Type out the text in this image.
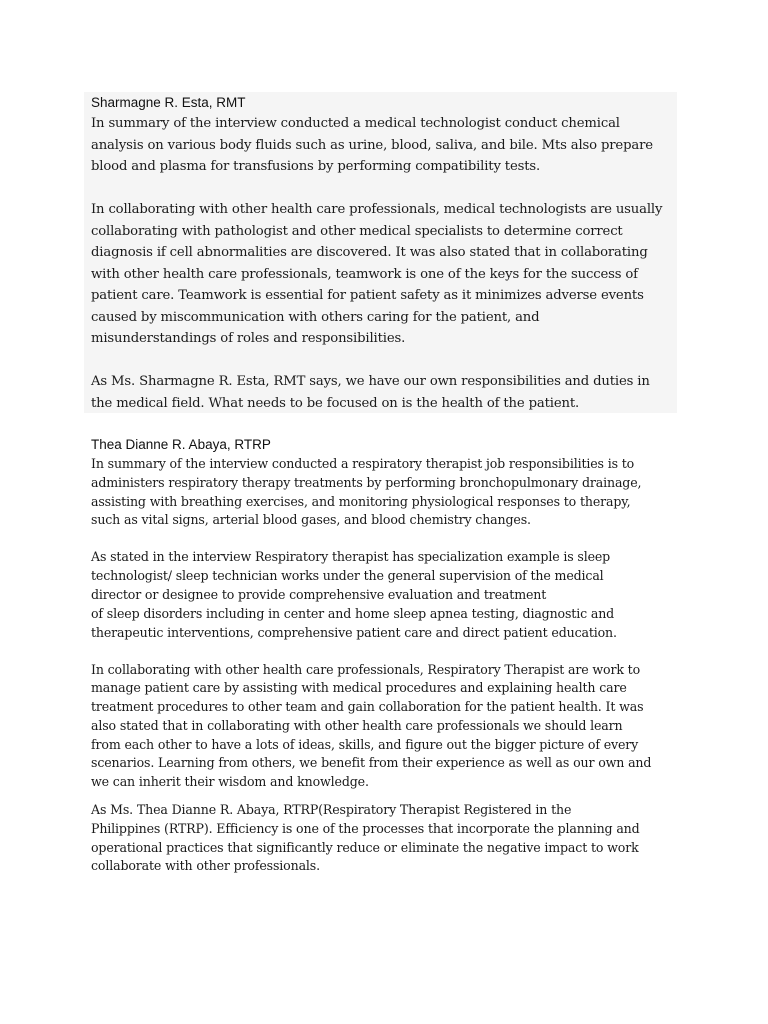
Sharmagne R. Esta, RMT
In summary of the interview conducted a medical technologist conduct chemical
analysis on various body fluids such as urine, blood, saliva, and bile. Mts also prepare
blood and plasma for transfusions by performing compatibility tests.
In collaborating with other health care professionals, medical technologists are usually
collaborating with pathologist and other medical specialists to determine correct
diagnosis if cell abnormalities are discovered. It was also stated that in collaborating
with other health care professionals, teamwork is one of the keys for the success of
patient care. Teamwork is essential for patient safety as it minimizes adverse events
caused by miscommunication with others caring for the patient, and
misunderstandings of roles and responsibilities.
As Ms. Sharmagne R. Esta, RMT says, we have our own responsibilities and duties in
the medical field. What needs to be focused on is the health of the patient.
Thea Dianne R. Abaya, RTRP
In summary of the interview conducted a respiratory therapist job responsibilities is to
administers respiratory therapy treatments by performing bronchopulmonary drainage,
assisting with breathing exercises, and monitoring physiological responses to therapy,
such as vital signs, arterial blood gases, and blood chemistry changes.
As stated in the interview Respiratory therapist has specialization example is sleep
technologist/ sleep technician works under the general supervision of the medical
director or designee to provide comprehensive evaluation and treatment
of sleep disorders including in center and home sleep apnea testing, diagnostic and
therapeutic interventions, comprehensive patient care and direct patient education.
In collaborating with other health care professionals, Respiratory Therapist are work to
manage patient care by assisting with medical procedures and explaining health care
treatment procedures to other team and gain collaboration for the patient health. It was
also stated that in collaborating with other health care professionals we should learn
from each other to have a lots of ideas, skills, and figure out the bigger picture of every
scenarios. Learning from others, we benefit from their experience as well as our own and
we can inherit their wisdom and knowledge.
As Ms. Thea Dianne R. Abaya, RTRP(Respiratory Therapist Registered in the
Philippines (RTRP). Efficiency is one of the processes that incorporate the planning and
operational practices that significantly reduce or eliminate the negative impact to work
collaborate with other professionals.
